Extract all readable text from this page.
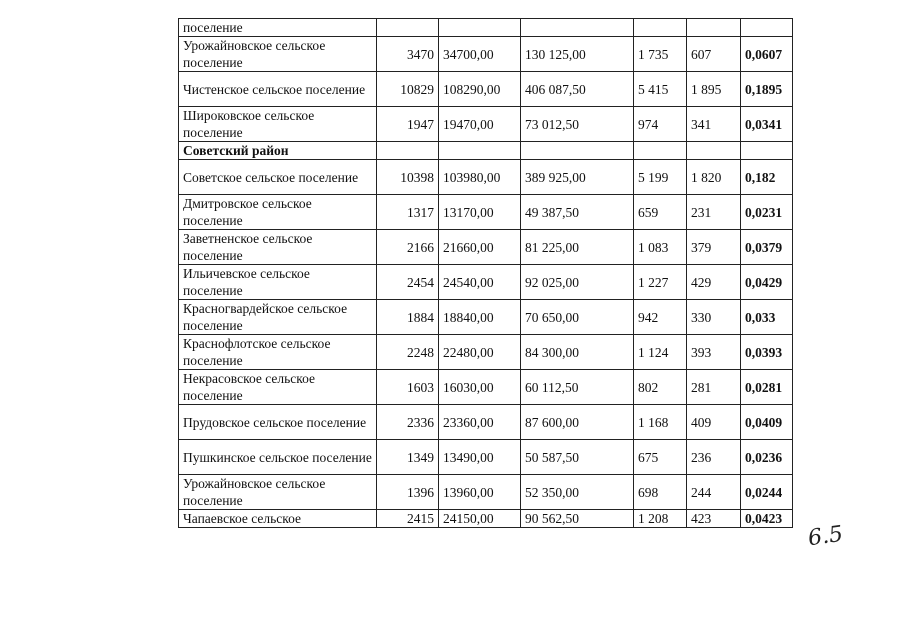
поселение						
Урожайновское сельское поселение	3470	34700,00	130 125,00	1 735	607	0,0607
Чистенское сельское поселение	10829	108290,00	406 087,50	5 415	1 895	0,1895
Широковское сельское поселение	1947	19470,00	73 012,50	974	341	0,0341
Советский район						
Советское сельское поселение	10398	103980,00	389 925,00	5 199	1 820	0,182
Дмитровское сельское поселение	1317	13170,00	49 387,50	659	231	0,0231
Заветненское сельское поселение	2166	21660,00	81 225,00	1 083	379	0,0379
Ильичевское сельское поселение	2454	24540,00	92 025,00	1 227	429	0,0429
Красногвардейское сельское поселение	1884	18840,00	70 650,00	942	330	0,033
Краснофлотское сельское поселение	2248	22480,00	84 300,00	1 124	393	0,0393
Некрасовское сельское поселение	1603	16030,00	60 112,50	802	281	0,0281
Прудовское сельское поселение	2336	23360,00	87 600,00	1 168	409	0,0409
Пушкинское сельское поселение	1349	13490,00	50 587,50	675	236	0,0236
Урожайновское сельское поселение	1396	13960,00	52 350,00	698	244	0,0244
Чапаевское сельское	2415	24150,00	90 562,50	1 208	423	0,0423
6.5
